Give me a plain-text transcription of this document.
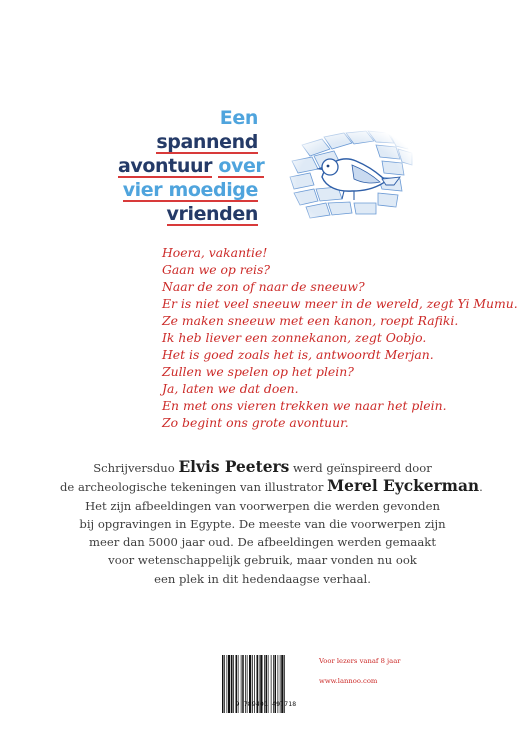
Een
spannend
avontuur over
vier moedige
vrienden
Hoera, vakantie!
Gaan we op reis?
Naar de zon of naar de sneeuw?
Er is niet veel sneeuw meer in de wereld, zegt Yi Mumu.
Ze maken sneeuw met een kanon, roept Rafiki.
Ik heb liever een zonnekanon, zegt Oobjo.
Het is goed zoals het is, antwoordt Merjan.
Zullen we spelen op het plein?
Ja, laten we dat doen.
En met ons vieren trekken we naar het plein.
Zo begint ons grote avontuur.
Schrijversduo Elvis Peeters werd geïnspireerd door
de archeologische tekeningen van illustrator Merel Eyckerman.
Het zijn afbeeldingen van voorwerpen die werden gevonden
bij opgravingen in Egypte. De meeste van die voorwerpen zijn
meer dan 5000 jaar oud. De afbeeldingen werden gemaakt
voor wetenschappelijk gebruik, maar vonden nu ook
een plek in dit hedendaagse verhaal.
9 789401 497718
Voor lezers vanaf 8 jaar
www.lannoo.com
